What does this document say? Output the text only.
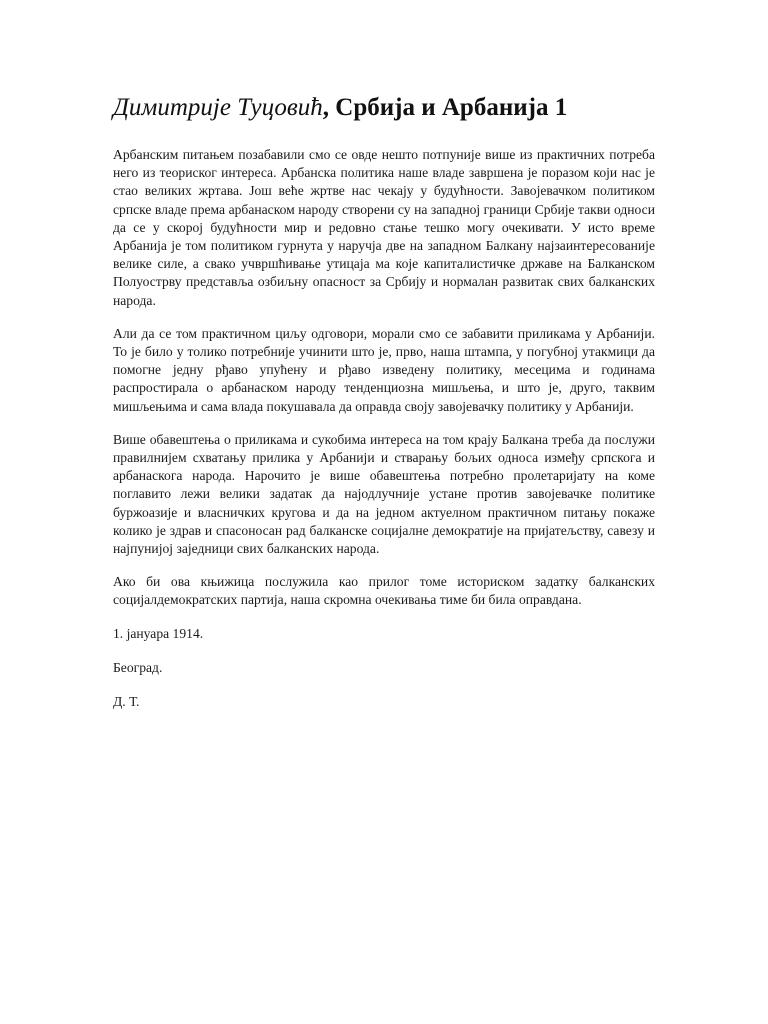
Димитрије Туцовић, Србија и Арбанија 1

Арбанским питањем позабавили смо се овде нешто потпуније више из практичних потреба него из теориског интереса. Арбанска политика наше владе завршена је поразом који нас је стао великих жртава. Још веће жртве нас чекају у будућности. Завојевачком политиком српске владе према арбанаском народу створени су на западној граници Србије такви односи да се у скорој будућности мир и редовно стање тешко могу очекивати. У исто време Арбанија је том политиком гурнута у наручја две на западном Балкану најзаинтересованије велике силе, а свако учвршћивање утицаја ма које капиталистичке државе на Балканском Полуострву представља озбиљну опасност за Србију и нормалан развитак свих балканских народа.

Али да се том практичном циљу одговори, морали смо се забавити приликама у Арбанији. То је било у толико потребније учинити што је, прво, наша штампа, у погубној утакмици да помогне једну рђаво упућену и рђаво изведену политику, месецима и годинама распростирала о арбанаском народу тенденциозна мишљења, и што је, друго, таквим мишљењима и сама влада покушавала да оправда своју завојевачку политику у Арбанији.

Више обавештења о приликама и сукобима интереса на том крају Балкана треба да послужи правилнијем схватању прилика у Арбанији и стварању бољих односа између српскога и арбанаскога народа. Нарочито је више обавештења потребно пролетаријату на коме поглавито лежи велики задатак да најодлучније устане против завојевачке политике буржоазије и власничких кругова и да на једном актуелном практичном питању покаже колико је здрав и спасоносан рад балканске социјалне демократије на пријатељству, савезу и најпунијој заједници свих балканских народа.

Ако би ова књижица послужила као прилог томе историском задатку балканских социјалдемократских партија, наша скромна очекивања тиме би била оправдана.

1. јануара 1914.

Београд.

Д. Т.
